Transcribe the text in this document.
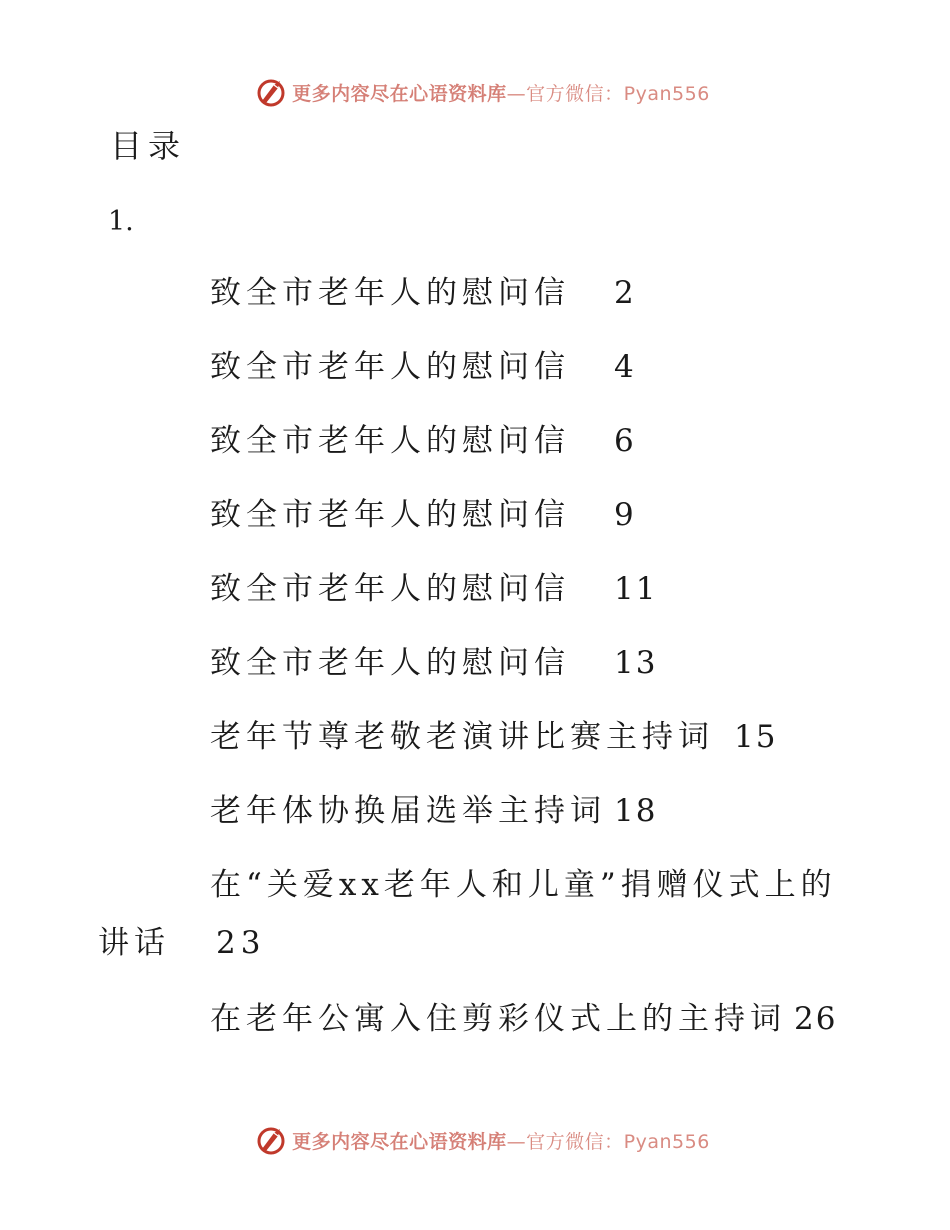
更多内容尽在心语资料库—官方微信：Pyan556
目录
1.
致全市老年人的慰问信 2
致全市老年人的慰问信 4
致全市老年人的慰问信 6
致全市老年人的慰问信 9
致全市老年人的慰问信 11
致全市老年人的慰问信 13
老年节尊老敬老演讲比赛主持词 15
老年体协换届选举主持词 18
在“关爱xx老年人和儿童”捐赠仪式上的
讲话 23
在老年公寓入住剪彩仪式上的主持词 26
更多内容尽在心语资料库—官方微信：Pyan556
